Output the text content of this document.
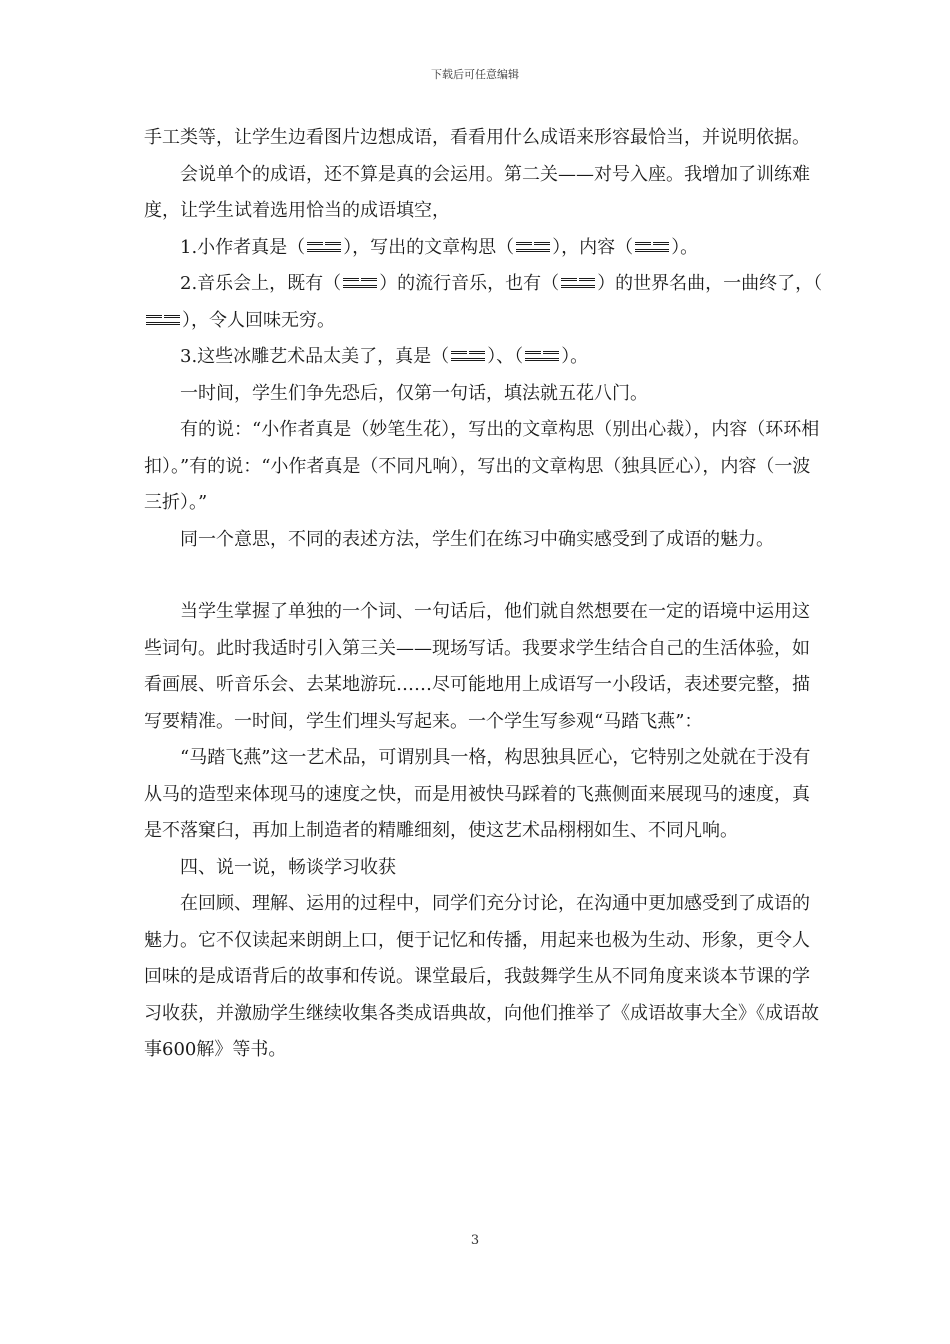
下载后可任意编辑

手工类等，让学生边看图片边想成语，看看用什么成语来形容最恰当，并说明依据。

会说单个的成语，还不算是真的会运用。第二关——对号入座。我增加了训练难度，让学生试着选用恰当的成语填空，

1.小作者真是（ ），写出的文章构思（ ），内容（ ）。

2.音乐会上，既有（ ）的流行音乐，也有（ ）的世界名曲，一曲终了，（
），令人回味无穷。

3.这些冰雕艺术品太美了，真是（ ）、（ ）。

一时间，学生们争先恐后，仅第一句话，填法就五花八门。

有的说：“小作者真是（妙笔生花），写出的文章构思（别出心裁），内容（环环相扣）。”有的说：“小作者真是（不同凡响），写出的文章构思（独具匠心），内容（一波三折）。”

同一个意思，不同的表述方法，学生们在练习中确实感受到了成语的魅力。

当学生掌握了单独的一个词、一句话后，他们就自然想要在一定的语境中运用这些词句。此时我适时引入第三关——现场写话。我要求学生结合自己的生活体验，如看画展、听音乐会、去某地游玩……尽可能地用上成语写一小段话，表述要完整，描写要精准。一时间，学生们埋头写起来。一个学生写参观“马踏飞燕”：

“马踏飞燕”这一艺术品，可谓别具一格，构思独具匠心，它特别之处就在于没有从马的造型来体现马的速度之快，而是用被快马踩着的飞燕侧面来展现马的速度，真是不落窠臼，再加上制造者的精雕细刻，使这艺术品栩栩如生、不同凡响。

四、说一说，畅谈学习收获

在回顾、理解、运用的过程中，同学们充分讨论，在沟通中更加感受到了成语的魅力。它不仅读起来朗朗上口，便于记忆和传播，用起来也极为生动、形象，更令人回味的是成语背后的故事和传说。课堂最后，我鼓舞学生从不同角度来谈本节课的学习收获，并激励学生继续收集各类成语典故，向他们推举了《成语故事大全》《成语故事600解》等书。

3
